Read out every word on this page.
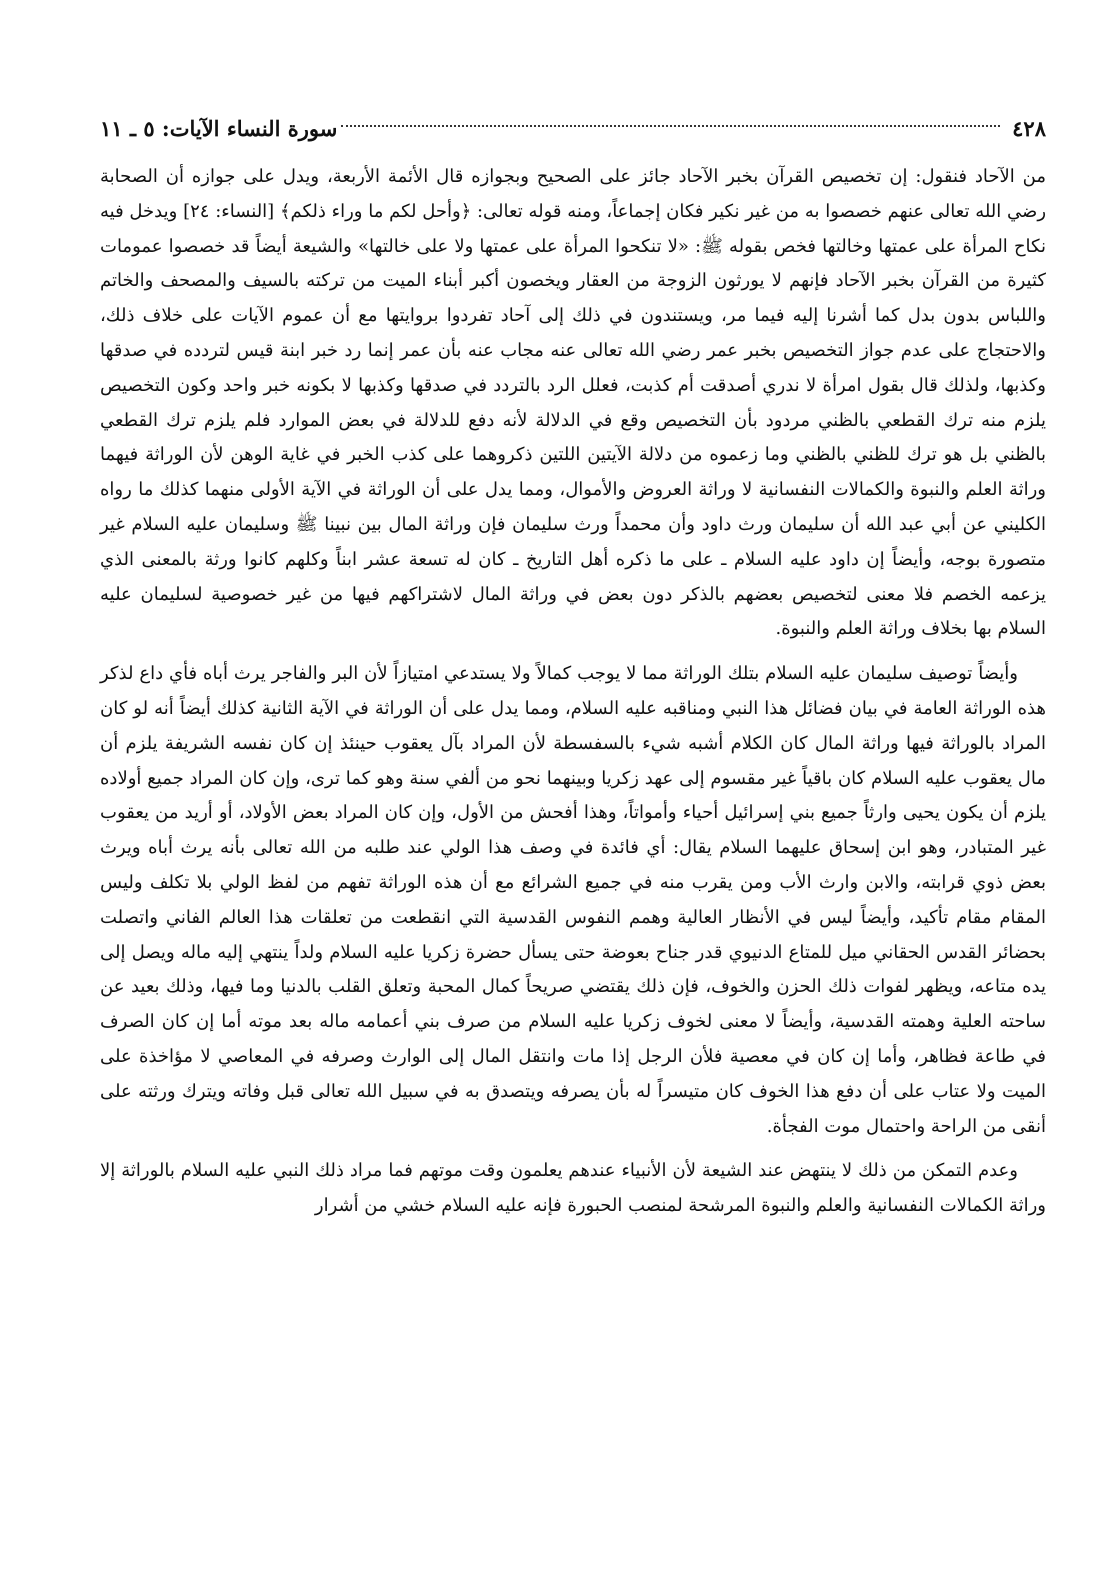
٤٢٨
سورة النساء الآيات: ٥ ـ ١١

من الآحاد فنقول: إن تخصيص القرآن بخبر الآحاد جائز على الصحيح وبجوازه قال الأئمة الأربعة، ويدل على جوازه أن الصحابة رضي الله تعالى عنهم خصصوا به من غير نكير فكان إجماعاً، ومنه قوله تعالى: ﴿وأحل لكم ما وراء ذلكم﴾ [النساء: ٢٤] ويدخل فيه نكاح المرأة على عمتها وخالتها فخص بقوله ﷺ: «لا تنكحوا المرأة على عمتها ولا على خالتها» والشيعة أيضاً قد خصصوا عمومات كثيرة من القرآن بخبر الآحاد فإنهم لا يورثون الزوجة من العقار ويخصون أكبر أبناء الميت من تركته بالسيف والمصحف والخاتم واللباس بدون بدل كما أشرنا إليه فيما مر، ويستندون في ذلك إلى آحاد تفردوا بروايتها مع أن عموم الآيات على خلاف ذلك، والاحتجاج على عدم جواز التخصيص بخبر عمر رضي الله تعالى عنه مجاب عنه بأن عمر إنما رد خبر ابنة قيس لتردده في صدقها وكذبها، ولذلك قال بقول امرأة لا ندري أصدقت أم كذبت، فعلل الرد بالتردد في صدقها وكذبها لا بكونه خبر واحد وكون التخصيص يلزم منه ترك القطعي بالظني مردود بأن التخصيص وقع في الدلالة لأنه دفع للدلالة في بعض الموارد فلم يلزم ترك القطعي بالظني بل هو ترك للظني بالظني وما زعموه من دلالة الآيتين اللتين ذكروهما على كذب الخبر في غاية الوهن لأن الوراثة فيهما وراثة العلم والنبوة والكمالات النفسانية لا وراثة العروض والأموال، ومما يدل على أن الوراثة في الآية الأولى منهما كذلك ما رواه الكليني عن أبي عبد الله أن سليمان ورث داود وأن محمداً ورث سليمان فإن وراثة المال بين نبينا ﷺ وسليمان عليه السلام غير متصورة بوجه، وأيضاً إن داود عليه السلام ـ على ما ذكره أهل التاريخ ـ كان له تسعة عشر ابناً وكلهم كانوا ورثة بالمعنى الذي يزعمه الخصم فلا معنى لتخصيص بعضهم بالذكر دون بعض في وراثة المال لاشتراكهم فيها من غير خصوصية لسليمان عليه السلام بها بخلاف وراثة العلم والنبوة.

وأيضاً توصيف سليمان عليه السلام بتلك الوراثة مما لا يوجب كمالاً ولا يستدعي امتيازاً لأن البر والفاجر يرث أباه فأي داع لذكر هذه الوراثة العامة في بيان فضائل هذا النبي ومناقبه عليه السلام، ومما يدل على أن الوراثة في الآية الثانية كذلك أيضاً أنه لو كان المراد بالوراثة فيها وراثة المال كان الكلام أشبه شيء بالسفسطة لأن المراد بآل يعقوب حينئذ إن كان نفسه الشريفة يلزم أن مال يعقوب عليه السلام كان باقياً غير مقسوم إلى عهد زكريا وبينهما نحو من ألفي سنة وهو كما ترى، وإن كان المراد جميع أولاده يلزم أن يكون يحيى وارثاً جميع بني إسرائيل أحياء وأمواتاً، وهذا أفحش من الأول، وإن كان المراد بعض الأولاد، أو أريد من يعقوب غير المتبادر، وهو ابن إسحاق عليهما السلام يقال: أي فائدة في وصف هذا الولي عند طلبه من الله تعالى بأنه يرث أباه ويرث بعض ذوي قرابته، والابن وارث الأب ومن يقرب منه في جميع الشرائع مع أن هذه الوراثة تفهم من لفظ الولي بلا تكلف وليس المقام مقام تأكيد، وأيضاً ليس في الأنظار العالية وهمم النفوس القدسية التي انقطعت من تعلقات هذا العالم الفاني واتصلت بحضائر القدس الحقاني ميل للمتاع الدنيوي قدر جناح بعوضة حتى يسأل حضرة زكريا عليه السلام ولداً ينتهي إليه ماله ويصل إلى يده متاعه، ويظهر لفوات ذلك الحزن والخوف، فإن ذلك يقتضي صريحاً كمال المحبة وتعلق القلب بالدنيا وما فيها، وذلك بعيد عن ساحته العلية وهمته القدسية، وأيضاً لا معنى لخوف زكريا عليه السلام من صرف بني أعمامه ماله بعد موته أما إن كان الصرف في طاعة فظاهر، وأما إن كان في معصية فلأن الرجل إذا مات وانتقل المال إلى الوارث وصرفه في المعاصي لا مؤاخذة على الميت ولا عتاب على أن دفع هذا الخوف كان متيسراً له بأن يصرفه ويتصدق به في سبيل الله تعالى قبل وفاته ويترك ورثته على أنقى من الراحة واحتمال موت الفجأة.

وعدم التمكن من ذلك لا ينتهض عند الشيعة لأن الأنبياء عندهم يعلمون وقت موتهم فما مراد ذلك النبي عليه السلام بالوراثة إلا وراثة الكمالات النفسانية والعلم والنبوة المرشحة لمنصب الحبورة فإنه عليه السلام خشي من أشرار
